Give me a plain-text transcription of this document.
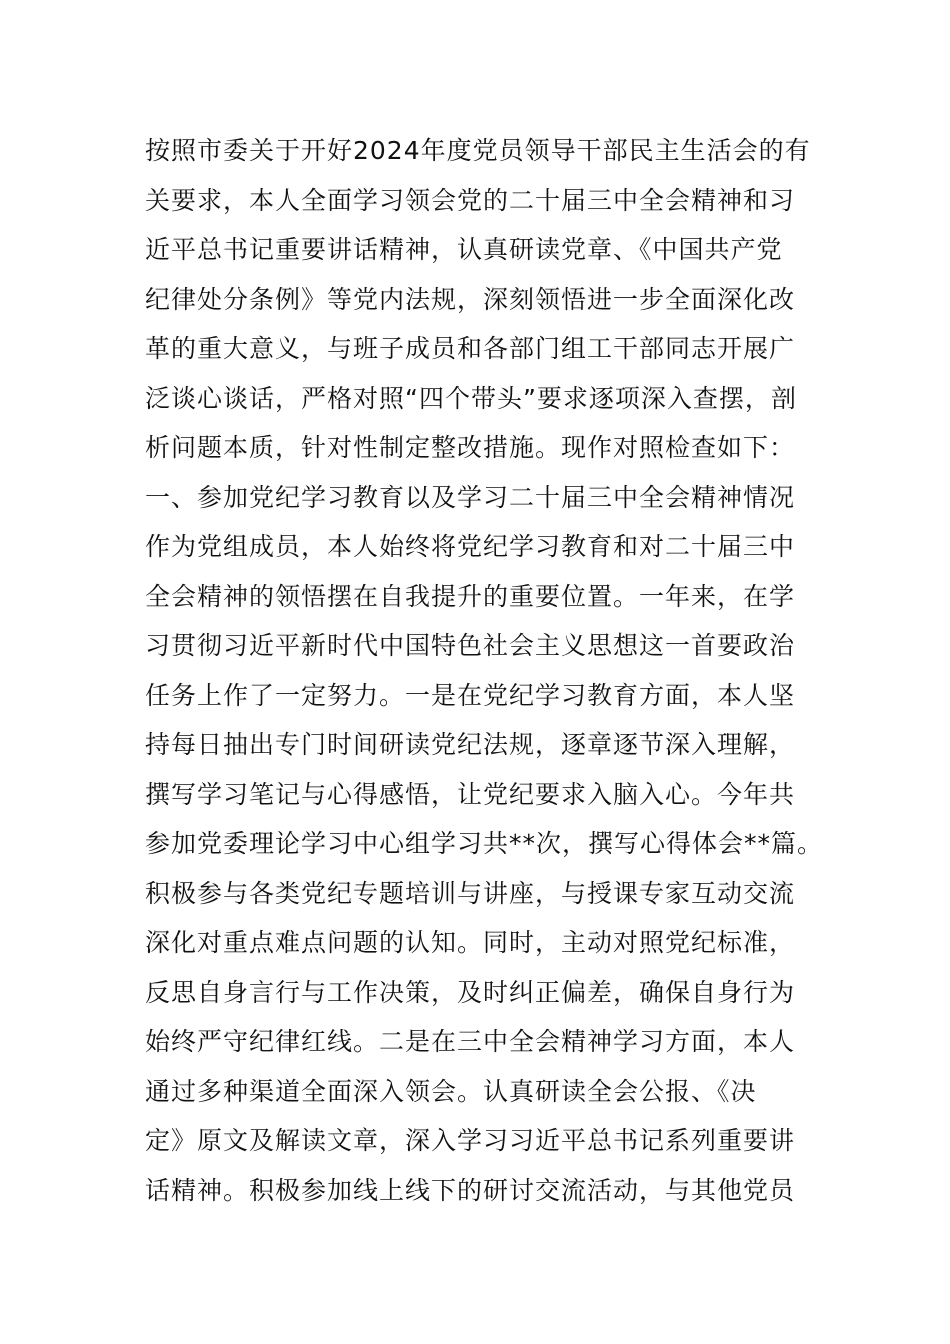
按照市委关于开好2024年度党员领导干部民主生活会的有
关要求，本人全面学习领会党的二十届三中全会精神和习
近平总书记重要讲话精神，认真研读党章、《中国共产党
纪律处分条例》等党内法规，深刻领悟进一步全面深化改
革的重大意义，与班子成员和各部门组工干部同志开展广
泛谈心谈话，严格对照“四个带头”要求逐项深入查摆，剖
析问题本质，针对性制定整改措施。现作对照检查如下：
一、参加党纪学习教育以及学习二十届三中全会精神情况
作为党组成员，本人始终将党纪学习教育和对二十届三中
全会精神的领悟摆在自我提升的重要位置。一年来，在学
习贯彻习近平新时代中国特色社会主义思想这一首要政治
任务上作了一定努力。一是在党纪学习教育方面，本人坚
持每日抽出专门时间研读党纪法规，逐章逐节深入理解，
撰写学习笔记与心得感悟，让党纪要求入脑入心。今年共
参加党委理论学习中心组学习共**次，撰写心得体会**篇。
积极参与各类党纪专题培训与讲座，与授课专家互动交流
深化对重点难点问题的认知。同时，主动对照党纪标准，
反思自身言行与工作决策，及时纠正偏差，确保自身行为
始终严守纪律红线。二是在三中全会精神学习方面，本人
通过多种渠道全面深入领会。认真研读全会公报、《决
定》原文及解读文章，深入学习习近平总书记系列重要讲
话精神。积极参加线上线下的研讨交流活动，与其他党员
